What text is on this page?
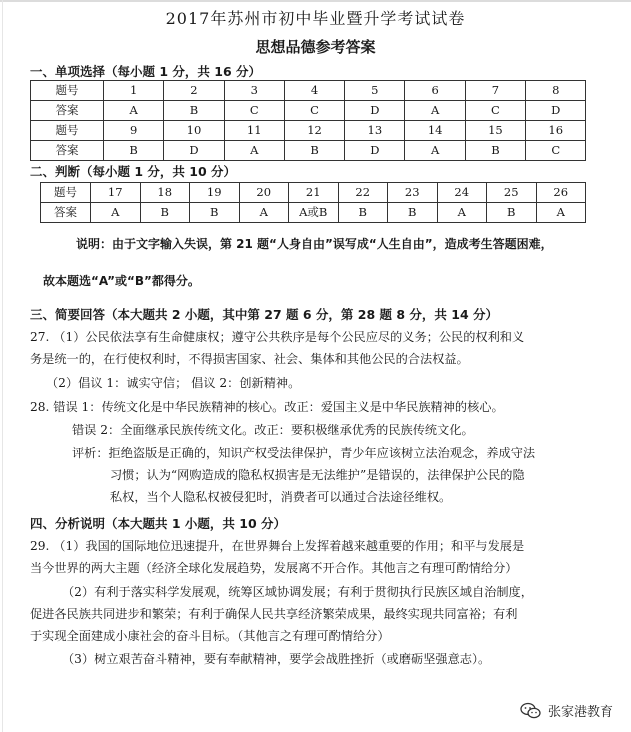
2017年苏州市初中毕业暨升学考试试卷
思想品德参考答案
一、单项选择（每小题 1 分，共 16 分）
题号	1	2	3	4	5	6	7	8
答案	A	B	C	C	D	A	C	D
题号	9	10	11	12	13	14	15	16
答案	B	D	A	B	D	A	B	C
二、判断（每小题 1 分，共 10 分）
题号	17	18	19	20	21	22	23	24	25	26
答案	A	B	B	A	A或B	B	B	A	B	A
说明：由于文字输入失误，第 21 题“人身自由”误写成“人生自由”，造成考生答题困难，
故本题选“A”或“B”都得分。
三、简要回答（本大题共 2 小题，其中第 27 题 6 分，第 28 题 8 分，共 14 分）
27. （1）公民依法享有生命健康权；遵守公共秩序是每个公民应尽的义务；公民的权利和义
务是统一的，在行使权利时，不得损害国家、社会、集体和其他公民的合法权益。
（2）倡议 1：诚实守信； 倡议 2：创新精神。
28. 错误 1：传统文化是中华民族精神的核心。改正：爱国主义是中华民族精神的核心。
错误 2：全面继承民族传统文化。改正：要积极继承优秀的民族传统文化。
评析：拒绝盗版是正确的，知识产权受法律保护，青少年应该树立法治观念，养成守法
习惯；认为“网购造成的隐私权损害是无法维护”是错误的，法律保护公民的隐
私权，当个人隐私权被侵犯时，消费者可以通过合法途径维权。
四、分析说明（本大题共 1 小题，共 10 分）
29. （1）我国的国际地位迅速提升，在世界舞台上发挥着越来越重要的作用；和平与发展是
当今世界的两大主题（经济全球化发展趋势，发展离不开合作。其他言之有理可酌情给分）
（2）有利于落实科学发展观，统筹区域协调发展；有利于贯彻执行民族区域自治制度，
促进各民族共同进步和繁荣；有利于确保人民共享经济繁荣成果，最终实现共同富裕；有利
于实现全面建成小康社会的奋斗目标。（其他言之有理可酌情给分）
（3）树立艰苦奋斗精神，要有奉献精神，要学会战胜挫折（或磨砺坚强意志）。
张家港教育
